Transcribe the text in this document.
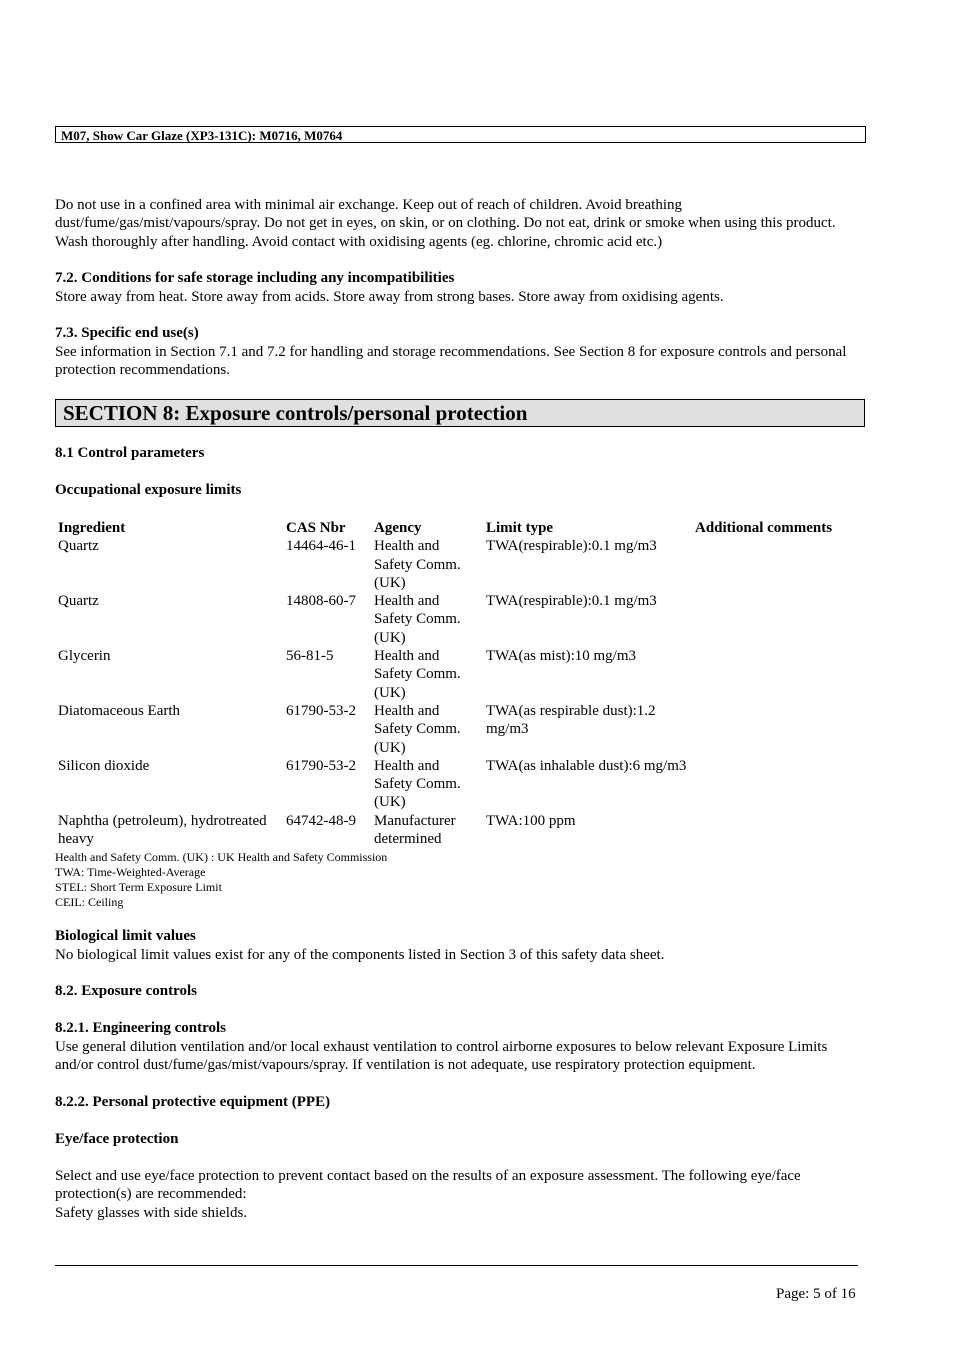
M07, Show Car Glaze (XP3-131C): M0716, M0764
Do not use in a confined area with minimal air exchange. Keep out of reach of children. Avoid breathing dust/fume/gas/mist/vapours/spray. Do not get in eyes, on skin, or on clothing. Do not eat, drink or smoke when using this product. Wash thoroughly after handling. Avoid contact with oxidising agents (eg. chlorine, chromic acid etc.)
7.2. Conditions for safe storage including any incompatibilities
Store away from heat. Store away from acids. Store away from strong bases. Store away from oxidising agents.
7.3. Specific end use(s)
See information in Section 7.1 and 7.2 for handling and storage recommendations. See Section 8 for exposure controls and personal protection recommendations.
SECTION 8: Exposure controls/personal protection
8.1 Control parameters
Occupational exposure limits
Ingredient	CAS Nbr	Agency	Limit type	Additional comments
Quartz	14464-46-1	Health and Safety Comm. (UK)	TWA(respirable):0.1 mg/m3	
Quartz	14808-60-7	Health and Safety Comm. (UK)	TWA(respirable):0.1 mg/m3	
Glycerin	56-81-5	Health and Safety Comm. (UK)	TWA(as mist):10 mg/m3	
Diatomaceous Earth	61790-53-2	Health and Safety Comm. (UK)	TWA(as respirable dust):1.2 mg/m3	
Silicon dioxide	61790-53-2	Health and Safety Comm. (UK)	TWA(as inhalable dust):6 mg/m3	
Naphtha (petroleum), hydrotreated heavy	64742-48-9	Manufacturer determined	TWA:100 ppm	
Health and Safety Comm. (UK) : UK Health and Safety Commission
TWA: Time-Weighted-Average
STEL: Short Term Exposure Limit
CEIL: Ceiling
Biological limit values
No biological limit values exist for any of the components listed in Section 3 of this safety data sheet.
8.2. Exposure controls
8.2.1. Engineering controls
Use general dilution ventilation and/or local exhaust ventilation to control airborne exposures to below relevant Exposure Limits and/or control dust/fume/gas/mist/vapours/spray. If ventilation is not adequate, use respiratory protection equipment.
8.2.2. Personal protective equipment (PPE)
Eye/face protection
Select and use eye/face protection to prevent contact based on the results of an exposure assessment. The following eye/face protection(s) are recommended:
Safety glasses with side shields.
Page: 5 of 16
